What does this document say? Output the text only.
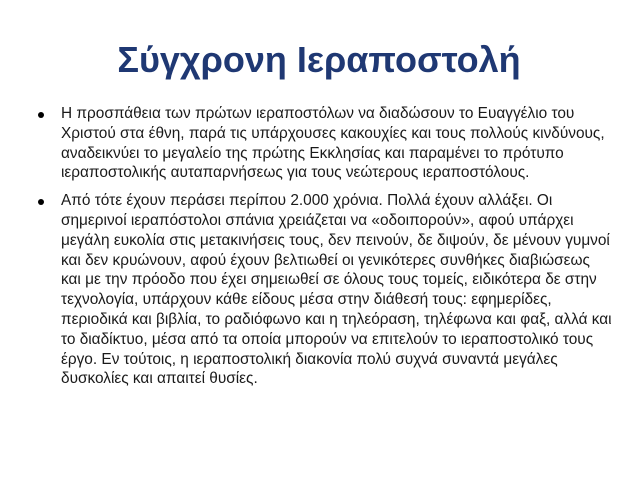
Σύγχρονη Ιεραποστολή
Η προσπάθεια των πρώτων ιεραποστόλων να διαδώσουν το Ευαγγέλιο του Χριστού στα έθνη, παρά τις υπάρχουσες κακουχίες και τους πολλούς κινδύνους, αναδεικνύει το μεγαλείο της πρώτης Εκκλησίας και παραμένει το πρότυπο ιεραποστολικής αυταπαρνήσεως για τους νεώτερους ιεραποστόλους.
Από τότε έχουν περάσει περίπου 2.000 χρόνια. Πολλά έχουν αλλάξει. Οι σημερινοί ιεραπόστολοι σπάνια χρειάζεται να «οδοιπορούν», αφού υπάρχει μεγάλη ευκολία στις μετακινήσεις τους, δεν πεινούν, δε διψούν, δε μένουν γυμνοί και δεν κρυώνουν, αφού έχουν βελτιωθεί οι γενικότερες συνθήκες διαβιώσεως και με την πρόοδο που έχει σημειωθεί σε όλους τους τομείς, ειδικότερα δε στην τεχνολογία, υπάρχουν κάθε είδους μέσα στην διάθεσή τους: εφημερίδες, περιοδικά και βιβλία, το ραδιόφωνο και η τηλεόραση, τηλέφωνα και φαξ, αλλά και το διαδίκτυο, μέσα από τα οποία μπορούν να επιτελούν το ιεραποστολικό τους έργο. Εν τούτοις, η ιεραποστολική διακονία πολύ συχνά συναντά μεγάλες δυσκολίες και απαιτεί θυσίες.
